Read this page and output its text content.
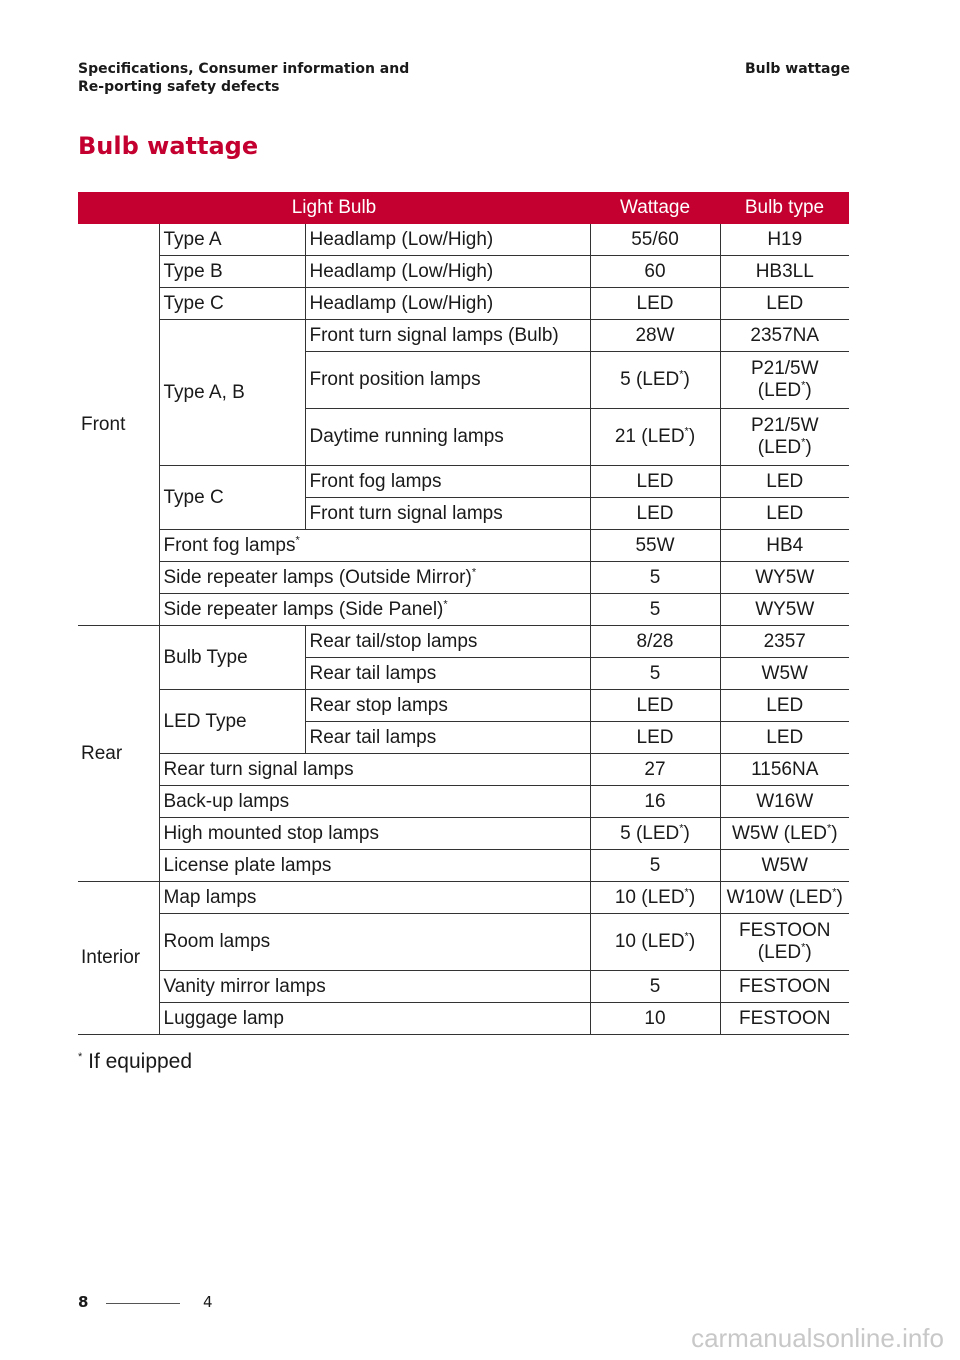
Specifications, Consumer information and Re-porting safety defects
Bulb wattage
Bulb wattage
Light Bulb			Wattage	Bulb type
Front	Type A	Headlamp (Low/High)	55/60	H19
	Type B	Headlamp (Low/High)	60	HB3LL
	Type C	Headlamp (Low/High)	LED	LED
	Type A, B	Front turn signal lamps (Bulb)	28W	2357NA
		Front position lamps	5 (LED*)	P21/5W
(LED*)
		Daytime running lamps	21 (LED*)	P21/5W
(LED*)
	Type C	Front fog lamps	LED	LED
		Front turn signal lamps	LED	LED
	Front fog lamps*		55W	HB4
	Side repeater lamps (Outside Mirror)*		5	WY5W
	Side repeater lamps (Side Panel)*		5	WY5W
Rear	Bulb Type	Rear tail/stop lamps	8/28	2357
		Rear tail lamps	5	W5W
	LED Type	Rear stop lamps	LED	LED
		Rear tail lamps	LED	LED
	Rear turn signal lamps		27	1156NA
	Back-up lamps		16	W16W
	High mounted stop lamps		5 (LED*)	W5W (LED*)
	License plate lamps		5	W5W
Interior	Map lamps		10 (LED*)	W10W (LED*)
	Room lamps		10 (LED*)	FESTOON
(LED*)
	Vanity mirror lamps		5	FESTOON
	Luggage lamp		10	FESTOON
* If equipped
8	4
carmanualsonline.info
